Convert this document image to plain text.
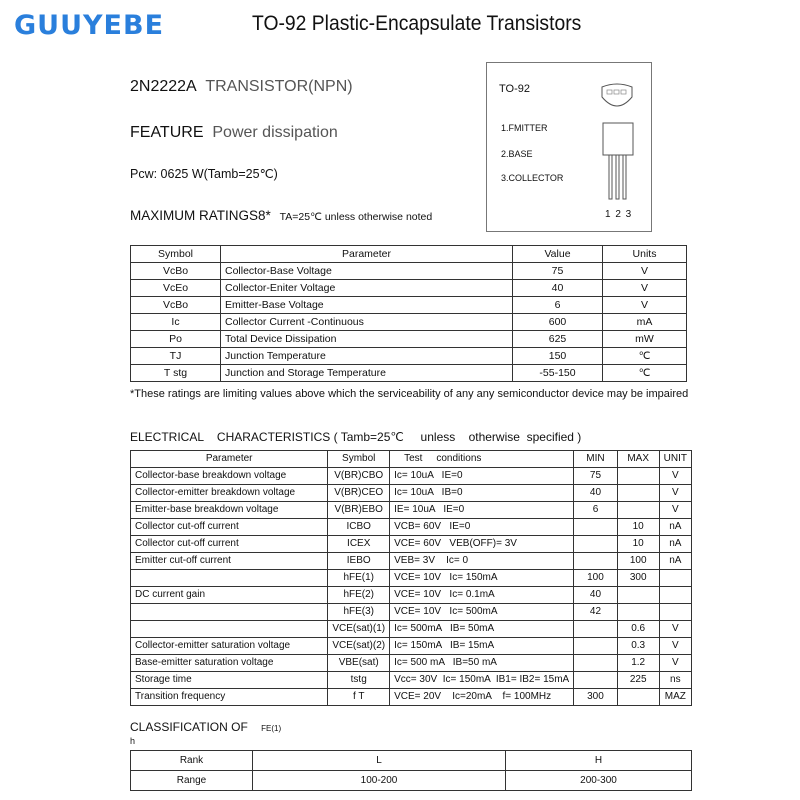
GUUYEBE	TO-92 Plastic-Encapsulate Transistors
2N2222A TRANSISTOR(NPN)
FEATURE Power dissipation
Pcw: 0625 W(Tamb=25℃)
MAXIMUM RATINGS8* TA=25℃ unless otherwise noted
TO-92
1.FMITTER
2.BASE
3.COLLECTOR
1 2 3
Symbol	Parameter	Value	Units
VcBo	Collector-Base Voltage	75	V
VcEo	Collector-Eniter Voltage	40	V
VcBo	Emitter-Base Voltage	6	V
Ic	Collector Current -Continuous	600	mA
Po	Total Device Dissipation	625	mW
TJ	Junction Temperature	150	℃
T stg	Junction and Storage Temperature	-55-150	℃
*These ratings are limiting values above which the serviceability of any any semiconductor device may be impaired
ELECTRICAL    CHARACTERISTICS ( Tamb=25℃     unless    otherwise  specified )
Parameter	Symbol	Test     conditions	MIN	MAX	UNIT
Collector-base breakdown voltage	V(BR)CBO	Ic= 10uA   IE=0	75		V
Collector-emitter breakdown voltage	V(BR)CEO	Ic= 10uA   IB=0	40		V
Emitter-base breakdown voltage	V(BR)EBO	IE= 10uA   IE=0	6		V
Collector cut-off current	ICBO	VCB= 60V   IE=0		10	nA
Collector cut-off current	ICEX	VCE= 60V   VEB(OFF)= 3V		10	nA
Emitter cut-off current	IEBO	VEB= 3V    Ic= 0		100	nA
	hFE(1)	VCE= 10V   Ic= 150mA	100	300	
DC current gain	hFE(2)	VCE= 10V   Ic= 0.1mA	40		
	hFE(3)	VCE= 10V   Ic= 500mA	42		
	VCE(sat)(1)	Ic= 500mA   IB= 50mA		0.6	V
Collector-emitter saturation voltage	VCE(sat)(2)	Ic= 150mA   IB= 15mA		0.3	V
Base-emitter saturation voltage	VBE(sat)	Ic= 500 mA   IB=50 mA		1.2	V
Storage time	tstg	Vcc= 30V  Ic= 150mA  IB1= IB2= 15mA		225	ns
Transition frequency	f T	VCE= 20V    Ic=20mA    f= 100MHz	300		MAZ
CLASSIFICATION OF FE(1)
h
Rank	L	H
Range	100-200	200-300
